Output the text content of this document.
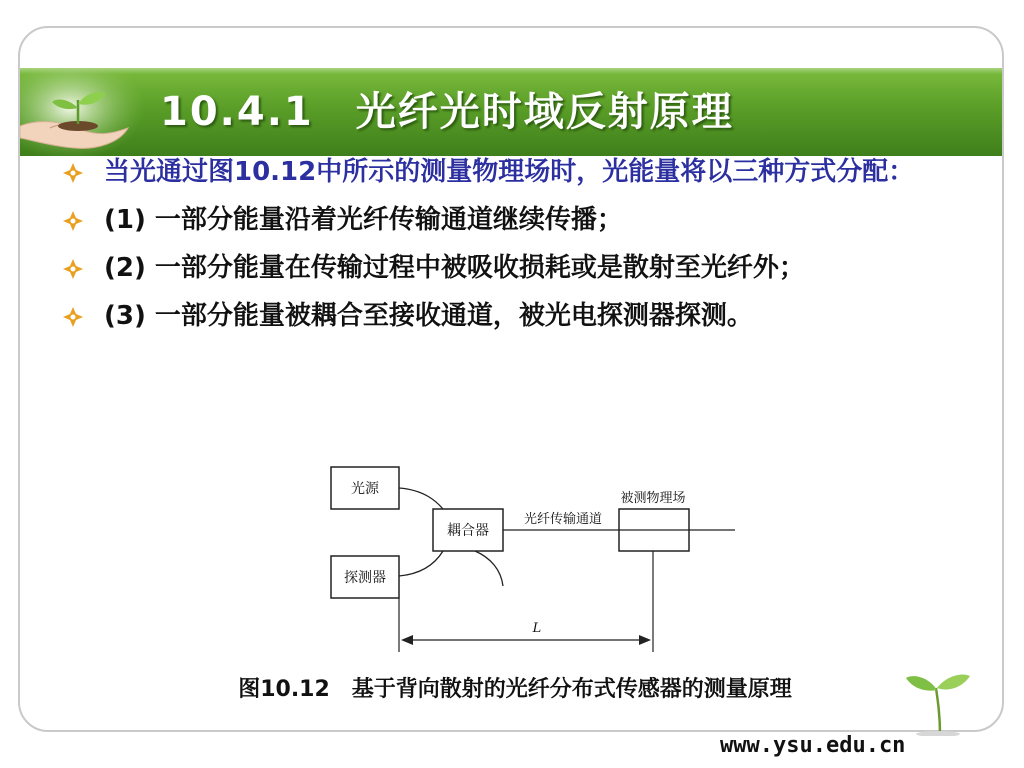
10.4.1　光纤光时域反射原理
当光通过图10.12中所示的测量物理场时，光能量将以三种方式分配：
(1) 一部分能量沿着光纤传输通道继续传播；
(2) 一部分能量在传输过程中被吸收损耗或是散射至光纤外；
(3) 一部分能量被耦合至接收通道，被光电探测器探测。
光源
探测器
耦合器
光纤传输通道
被测物理场
L
图10.12　基于背向散射的光纤分布式传感器的测量原理
www.ysu.edu.cn
